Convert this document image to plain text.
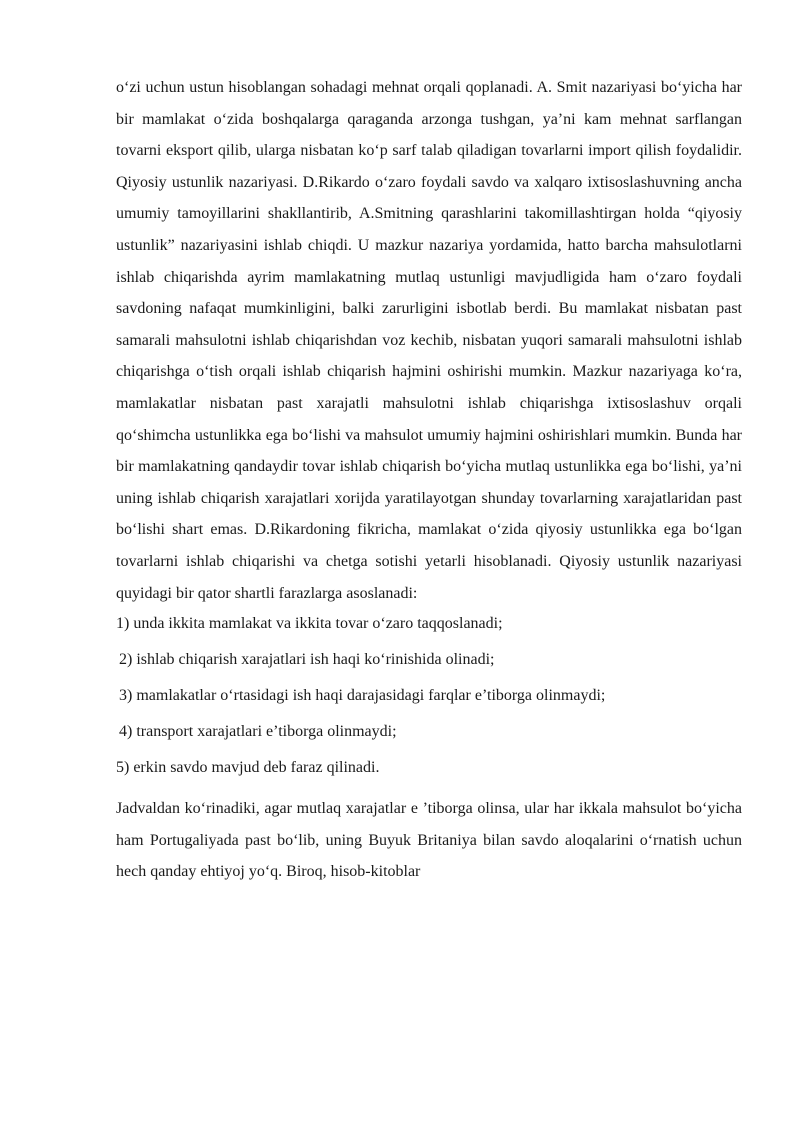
o‘zi uchun ustun hisoblangan sohadagi mehnat orqali qoplanadi. A. Smit nazariyasi bo‘yicha har bir mamlakat o‘zida boshqalarga qaraganda arzonga tushgan, ya’ni kam mehnat sarflangan tovarni eksport qilib, ularga nisbatan ko‘p sarf talab qiladigan tovarlarni import qilish foydalidir. Qiyosiy ustunlik nazariyasi. D.Rikardo o‘zaro foydali savdo va xalqaro ixtisoslashuvning ancha umumiy tamoyillarini shakllantirib, A.Smitning qarashlarini takomillashtirgan holda “qiyosiy ustunlik” nazariyasini ishlab chiqdi. U mazkur nazariya yordamida, hatto barcha mahsulotlarni ishlab chiqarishda ayrim mamlakatning mutlaq ustunligi mavjudligida ham o‘zaro foydali savdoning nafaqat mumkinligini, balki zarurligini isbotlab berdi. Bu mamlakat nisbatan past samarali mahsulotni ishlab chiqarishdan voz kechib, nisbatan yuqori samarali mahsulotni ishlab chiqarishga o‘tish orqali ishlab chiqarish hajmini oshirishi mumkin. Mazkur nazariyaga ko‘ra, mamlakatlar nisbatan past xarajatli mahsulotni ishlab chiqarishga ixtisoslashuv orqali qo‘shimcha ustunlikka ega bo‘lishi va mahsulot umumiy hajmini oshirishlari mumkin. Bunda har bir mamlakatning qandaydir tovar ishlab chiqarish bo‘yicha mutlaq ustunlikka ega bo‘lishi, ya’ni uning ishlab chiqarish xarajatlari xorijda yaratilayotgan shunday tovarlarning xarajatlaridan past bo‘lishi shart emas. D.Rikardoning fikricha, mamlakat o‘zida qiyosiy ustunlikka ega bo‘lgan tovarlarni ishlab chiqarishi va chetga sotishi yetarli hisoblanadi. Qiyosiy ustunlik nazariyasi quyidagi bir qator shartli farazlarga asoslanadi:

1) unda ikkita mamlakat va ikkita tovar o‘zaro taqqoslanadi;

2) ishlab chiqarish xarajatlari ish haqi ko‘rinishida olinadi;

3) mamlakatlar o‘rtasidagi ish haqi darajasidagi farqlar e’tiborga olinmaydi;

4) transport xarajatlari e’tiborga olinmaydi;

5) erkin savdo mavjud deb faraz qilinadi.

Jadvaldan ko‘rinadiki, agar mutlaq xarajatlar e ’tiborga olinsa, ular har ikkala mahsulot bo‘yicha ham Portugaliyada past bo‘lib, uning Buyuk Britaniya bilan savdo aloqalarini o‘rnatish uchun hech qanday ehtiyoj yo‘q. Biroq, hisob-kitoblar
